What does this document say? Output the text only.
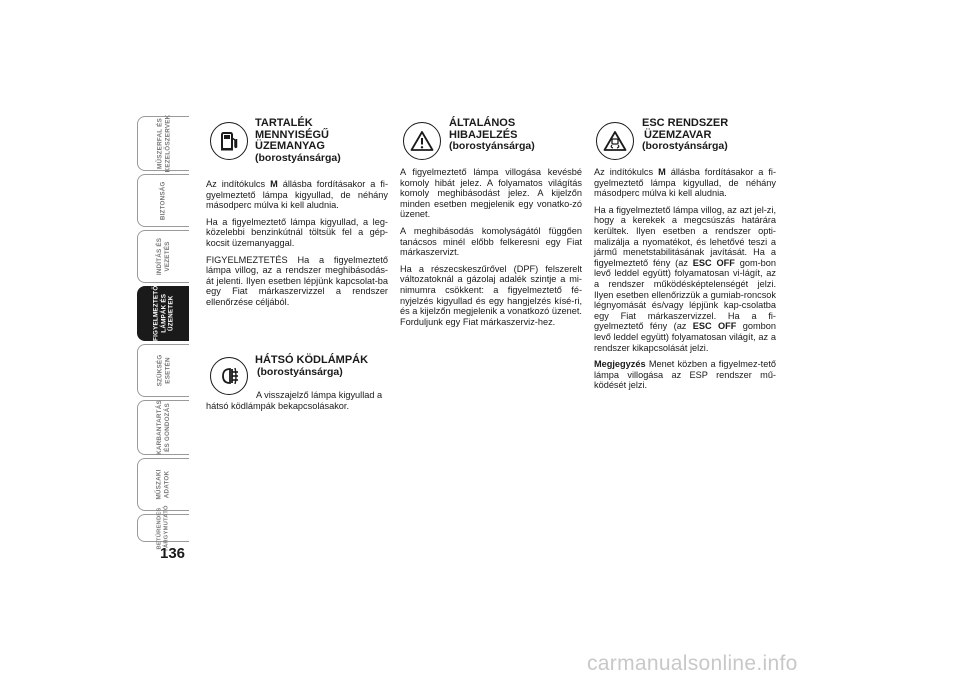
MŰSZERFAL ÉS
KEZELŐSZERVEK
BIZTONSÁG
INDÍTÁS ÉS
VEZETÉS
FIGYELMEZTETŐ
LÁMPÁK ÉS
ÜZENETEK
SZÜKSÉG
ESETÉN
KARBANTARTÁS
ÉS GONDOZÁS
MŰSZAKI
ADATOK
BETŰRENDES
TÁRGYMUTATÓ
136
TARTALÉK
MENNYISÉGŰ
ÜZEMANYAG
(borostyánsárga)

Az indítókulcs M állásba fordításakor a fi-gyelmeztető lámpa kigyullad, de néhány másodperc múlva ki kell aludnia.

Ha a figyelmeztető lámpa kigyullad, a leg-közelebbi benzinkútnál töltsük fel a gép-kocsit üzemanyaggal.

FIGYELMEZTETÉS Ha a figyelmeztető lámpa villog, az a rendszer meghibásodás-át jelenti. Ilyen esetben lépjünk kapcsolat-ba egy Fiat márkaszervizzel a rendszer ellenőrzése céljából.

HÁTSÓ KÖDLÁMPÁK
(borostyánsárga)
A visszajelző lámpa kigyullad a
hátsó ködlámpák bekapcsolásakor.
ÁLTALÁNOS
HIBAJELZÉS
(borostyánsárga)

A figyelmeztető lámpa villogása kevésbé komoly hibát jelez. A folyamatos világítás komoly meghibásodást jelez. A kijelzőn minden esetben megjelenik egy vonatko-zó üzenet.

A meghibásodás komolyságától függően tanácsos minél előbb felkeresni egy Fiat márkaszervizt.

Ha a részecskeszűrővel (DPF) felszerelt változatoknál a gázolaj adalék szintje a mi-nimumra csökkent: a figyelmeztető fé-nyjelzés kigyullad és egy hangjelzés kísé-ri, és a kijelzőn megjelenik a vonatkozó üzenet. Forduljunk egy Fiat márkaszerviz-hez.

ESC RENDSZER
ÜZEMZAVAR
(borostyánsárga)

Az indítókulcs M állásba fordításakor a fi-gyelmeztető lámpa kigyullad, de néhány másodperc múlva ki kell aludnia.

Ha a figyelmeztető lámpa villog, az azt jel-zi, hogy a kerekek a megcsúszás határára kerültek. Ilyen esetben a rendszer opti-malizálja a nyomatékot, és lehetővé teszi a jármű menetstabilitásának javítását. Ha a figyelmeztető fény (az ESC OFF gom-bon levő leddel együtt) folyamatosan vi-lágít, az a rendszer működésképtelenségét jelzi. Ilyen esetben ellenőrizzük a gumiab-roncsok légnyomását és/vagy lépjünk kap-csolatba egy Fiat márkaszervizzel. Ha a fi-gyelmeztető fény (az ESC OFF gombon levő leddel együtt) folyamatosan világít, az a rendszer kikapcsolását jelzi.

Megjegyzés Menet közben a figyelmez-tető lámpa villogása az ESP rendszer mű-ködését jelzi.

carmanualsonline.info
